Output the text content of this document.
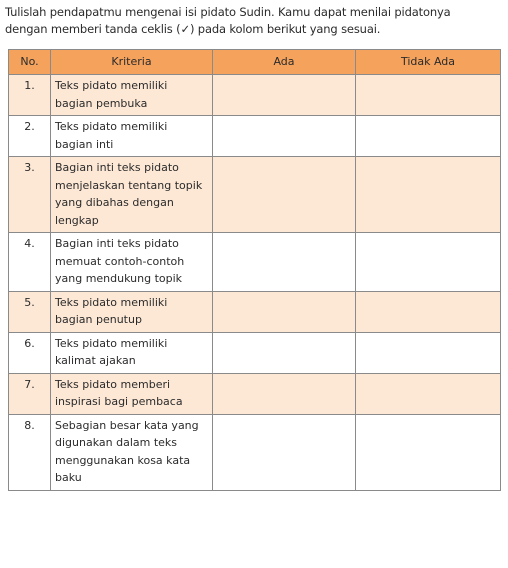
Tulislah pendapatmu mengenai isi pidato Sudin. Kamu dapat menilai pidatonya
dengan memberi tanda ceklis (✓) pada kolom berikut yang sesuai.
No.	Kriteria	Ada	Tidak Ada
1.	Teks pidato memiliki bagian pembuka		
2.	Teks pidato memiliki bagian inti		
3.	Bagian inti teks pidato menjelaskan tentang topik yang dibahas dengan lengkap		
4.	Bagian inti teks pidato memuat contoh-contoh yang mendukung topik		
5.	Teks pidato memiliki bagian penutup		
6.	Teks pidato memiliki kalimat ajakan		
7.	Teks pidato memberi inspirasi bagi pembaca		
8.	Sebagian besar kata yang digunakan dalam teks menggunakan kosa kata baku		
